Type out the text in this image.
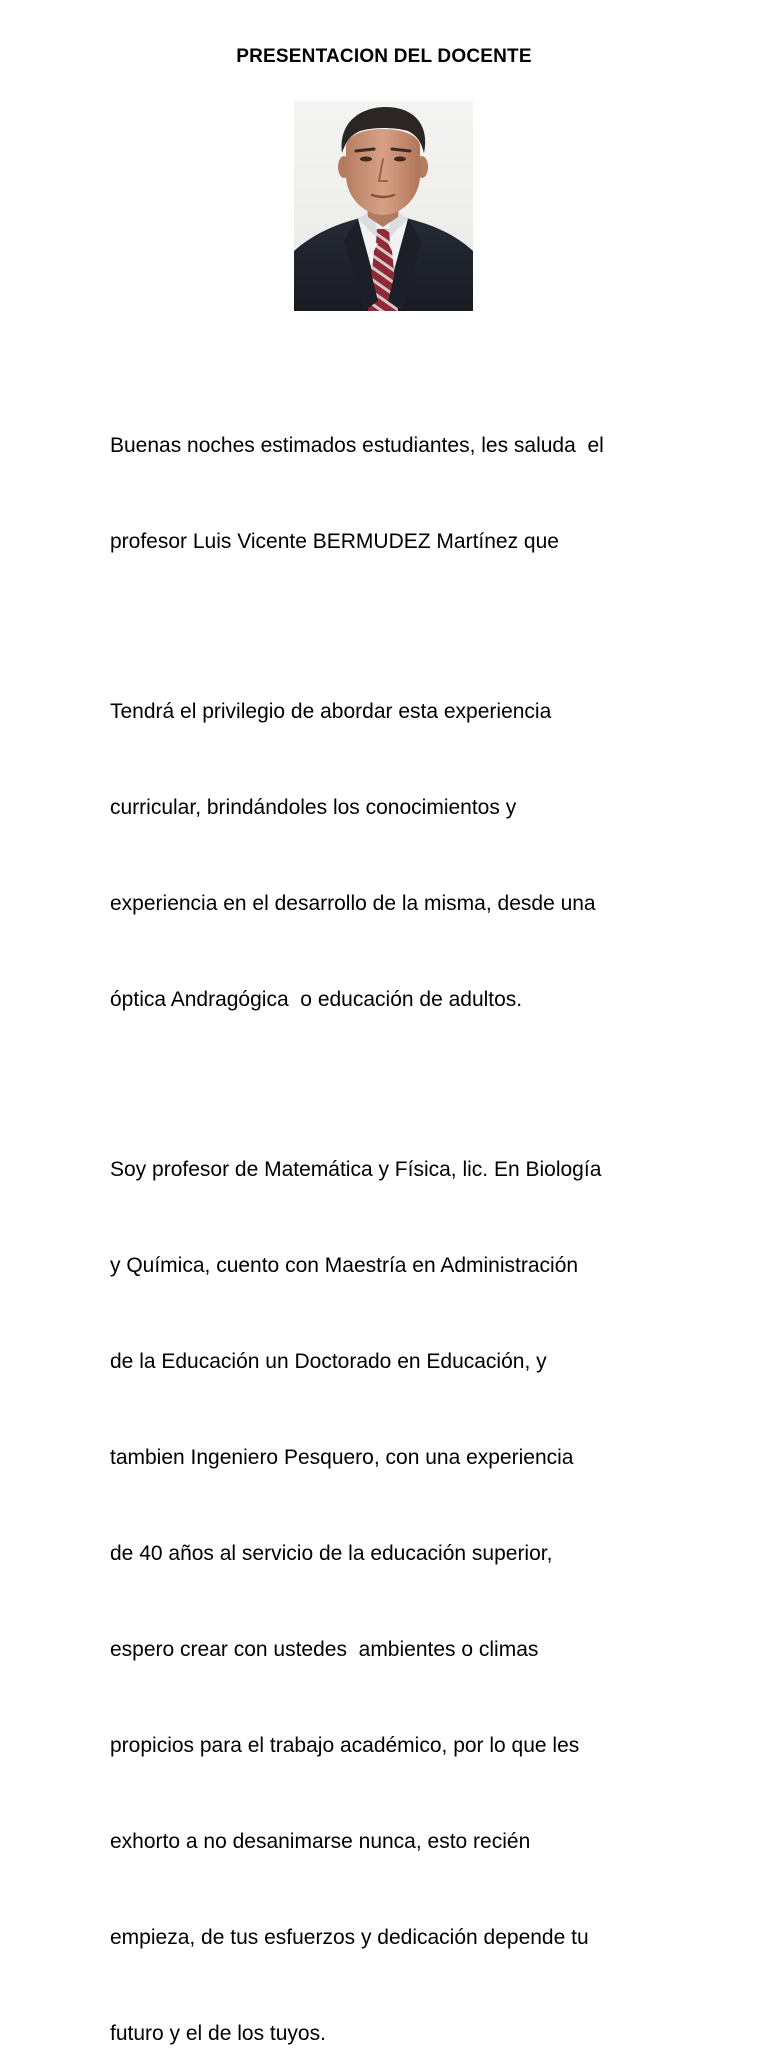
PRESENTACION DEL DOCENTE

Buenas noches estimados estudiantes, les saluda  el

profesor Luis Vicente BERMUDEZ Martínez que

Tendrá el privilegio de abordar esta experiencia

curricular, brindándoles los conocimientos y

experiencia en el desarrollo de la misma, desde una

óptica Andragógica  o educación de adultos.

Soy profesor de Matemática y Física, lic. En Biología

y Química, cuento con Maestría en Administración

de la Educación un Doctorado en Educación, y

tambien Ingeniero Pesquero, con una experiencia

de 40 años al servicio de la educación superior,

espero crear con ustedes  ambientes o climas

propicios para el trabajo académico, por lo que les

exhorto a no desanimarse nunca, esto recién

empieza, de tus esfuerzos y dedicación depende tu

futuro y el de los tuyos.
